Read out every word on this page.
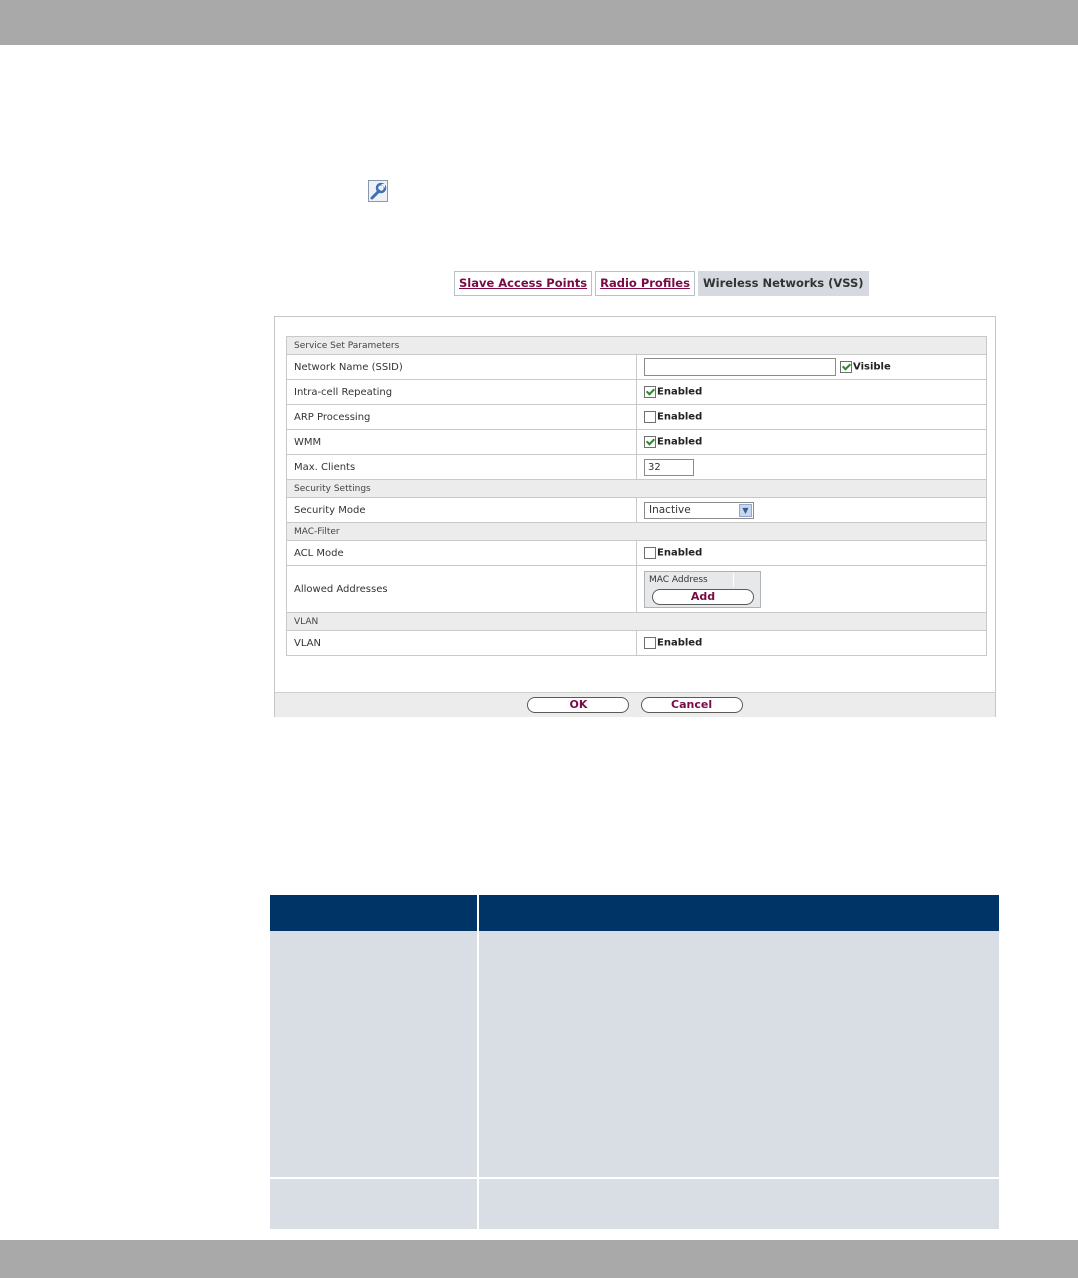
Slave Access Points	Radio Profiles	Wireless Networks (VSS)
Service Set Parameters	
Network Name (SSID)	Visible
Intra-cell Repeating	Enabled
ARP Processing	Enabled
WMM	Enabled
Max. Clients	32
Security Settings	
Security Mode	Inactive ▼

MAC-Filter	
ACL Mode	Enabled
Allowed Addresses	MAC Address
Add
VLAN	
VLAN	Enabled
OK	Cancel
